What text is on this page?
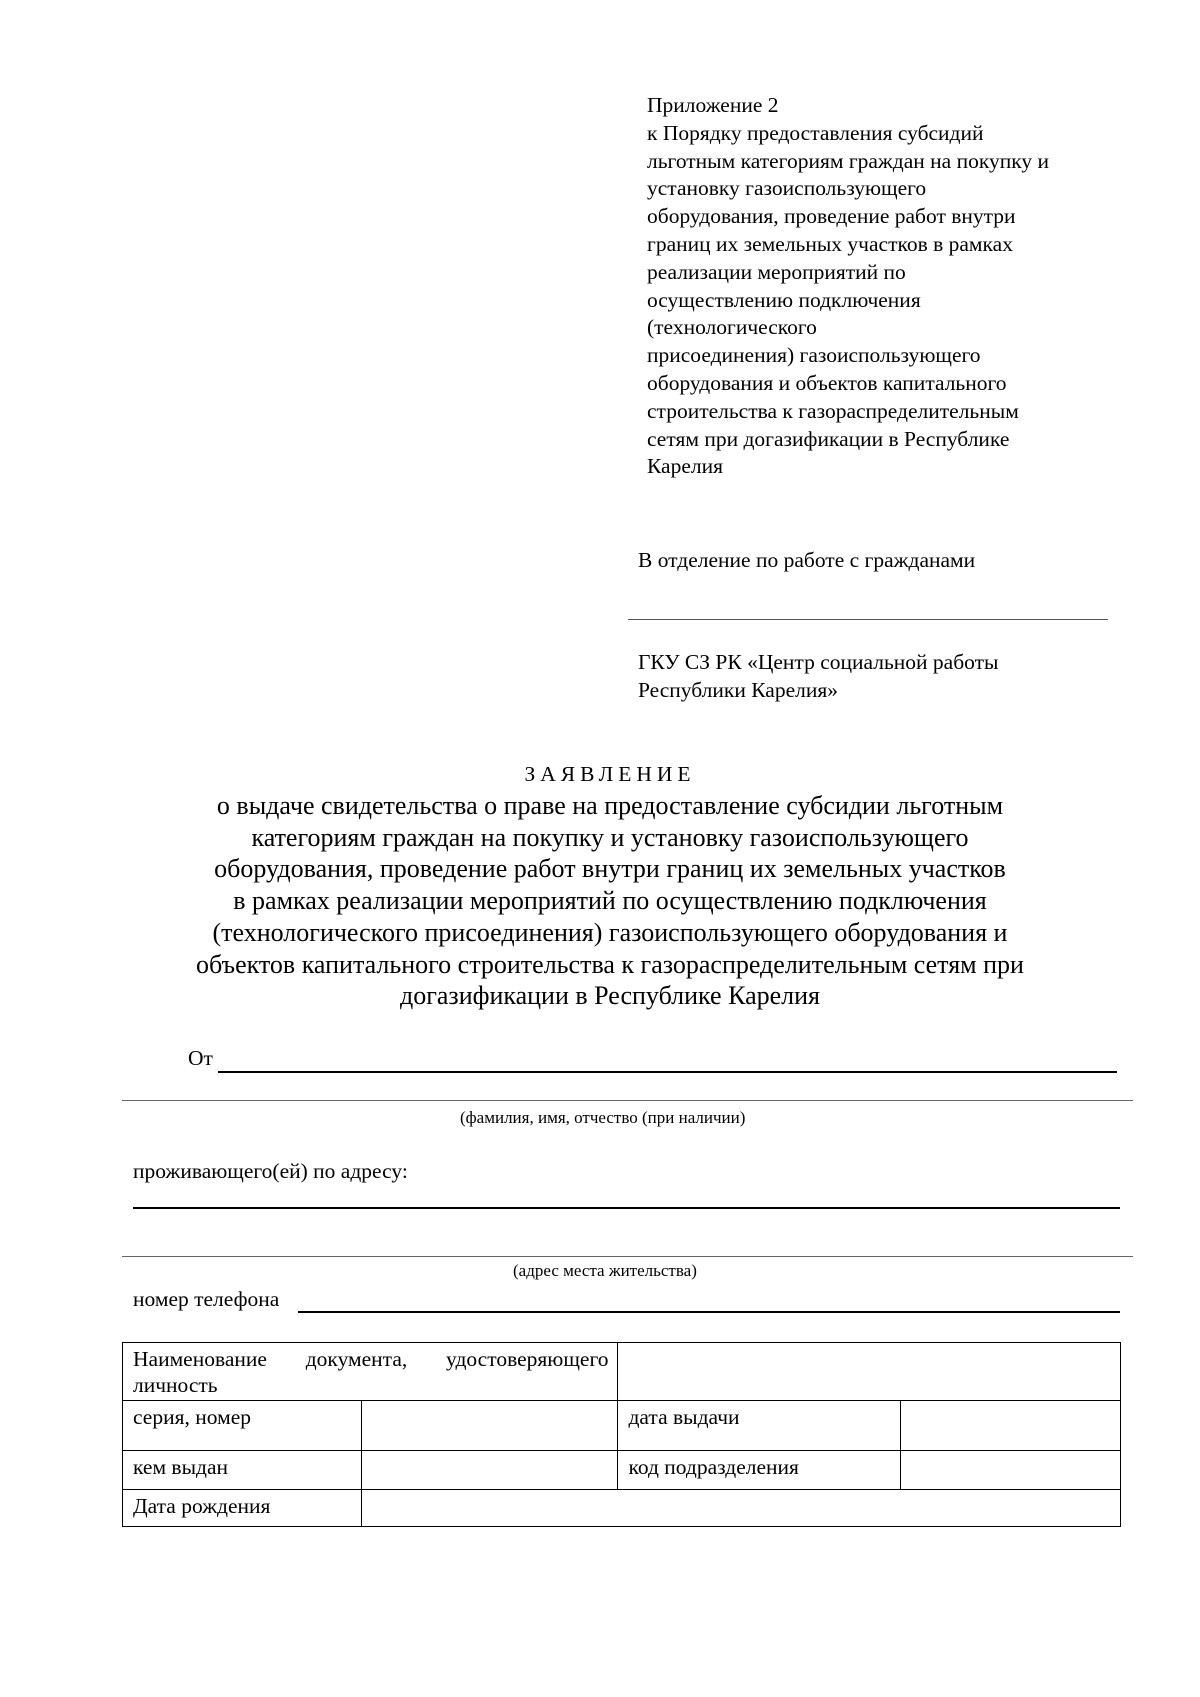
Приложение 2
к Порядку предоставления субсидий
льготным категориям граждан на покупку и
установку газоиспользующего
оборудования, проведение работ внутри
границ их земельных участков в рамках
реализации мероприятий по
осуществлению подключения
(технологического
присоединения) газоиспользующего
оборудования и объектов капитального
строительства к газораспределительным
сетям при догазификации в Республике
Карелия
В отделение по работе с гражданами
ГКУ СЗ РК «Центр социальной работы
Республики Карелия»
ЗАЯВЛЕНИЕ
о выдаче свидетельства о праве на предоставление субсидии льготным
категориям граждан на покупку и установку газоиспользующего
оборудования, проведение работ внутри границ их земельных участков
в рамках реализации мероприятий по осуществлению подключения
(технологического присоединения) газоиспользующего оборудования и
объектов капитального строительства к газораспределительным сетям при
догазификации в Республике Карелия
От
(фамилия, имя, отчество (при наличии)
проживающего(ей) по адресу:
(адрес места жительства)
номер телефона
Наименование документа, удостоверяющего личность			
серия, номер		дата выдачи	
кем выдан		код подразделения	
Дата рождения			
